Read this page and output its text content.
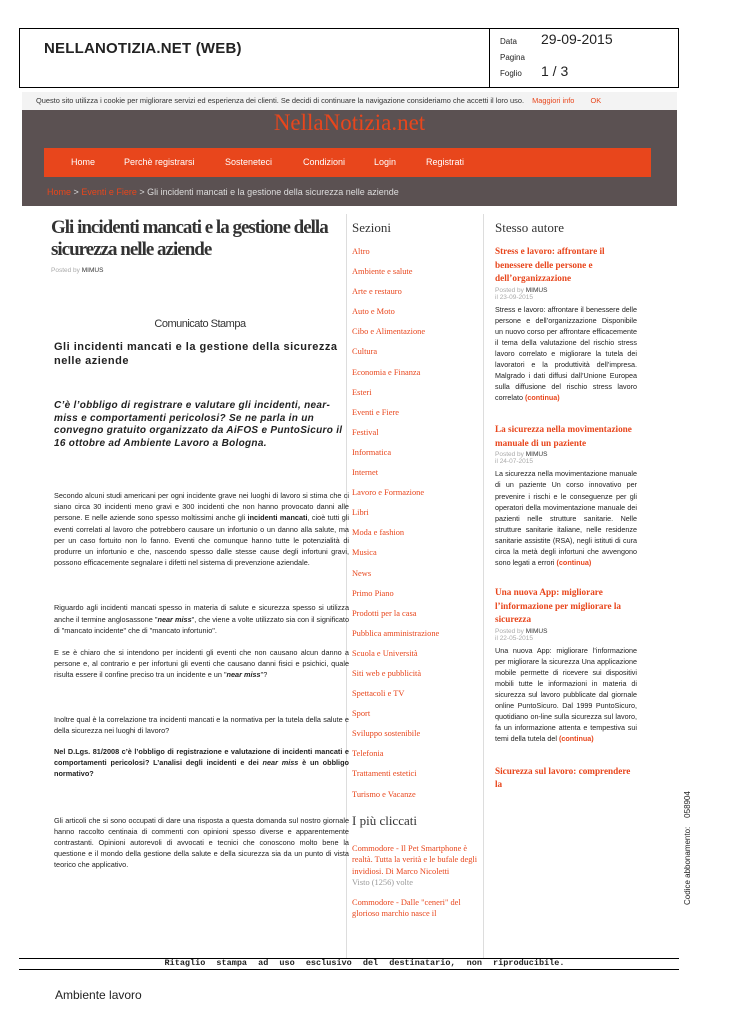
NELLANOTIZIA.NET (WEB)	Data 29-09-2015
Pagina
Foglio 1 / 3
Questo sito utilizza i cookie per migliorare servizi ed esperienza dei clienti. Se decidi di continuare la navigazione consideriamo che accetti il loro uso. Maggiori info OK
NellaNotizia.net
Home	Perchè registrarsi	Sosteneteci	Condizioni	Login	Registrati
Home > Eventi e Fiere > Gli incidenti mancati e la gestione della sicurezza nelle aziende
Gli incidenti mancati e la gestione della sicurezza nelle aziende
Posted by MIMUS
Comunicato Stampa
Gli incidenti mancati e la gestione della sicurezza nelle aziende

C’è l’obbligo di registrare e valutare gli incidenti, near-miss e comportamenti pericolosi? Se ne parla in un convegno gratuito organizzato da AiFOS e PuntoSicuro il 16 ottobre ad Ambiente Lavoro a Bologna.

Secondo alcuni studi americani per ogni incidente grave nei luoghi di lavoro si stima che ci siano circa 30 incidenti meno gravi e 300 incidenti che non hanno provocato danni alle persone. E nelle aziende sono spesso moltissimi anche gli incidenti mancati, cioè tutti gli eventi correlati al lavoro che potrebbero causare un infortunio o un danno alla salute, ma per un caso fortuito non lo fanno. Eventi che comunque hanno tutte le potenzialità di produrre un infortunio e che, nascendo spesso dalle stesse cause degli infortuni gravi, possono efficacemente segnalare i difetti nel sistema di prevenzione aziendale.

Riguardo agli incidenti mancati spesso in materia di salute e sicurezza spesso si utilizza anche il termine anglosassone "near miss", che viene a volte utilizzato sia con il significato di "mancato incidente" che di "mancato infortunio".

E se è chiaro che si intendono per incidenti gli eventi che non causano alcun danno a persone e, al contrario e per infortuni gli eventi che causano danni fisici e psichici, quale risulta essere il confine preciso tra un incidente e un "near miss"?

Inoltre qual è la correlazione tra incidenti mancati e la normativa per la tutela della salute e della sicurezza nei luoghi di lavoro?

Nel D.Lgs. 81/2008 c’è l’obbligo di registrazione e valutazione di incidenti mancati e comportamenti pericolosi? L’analisi degli incidenti e dei near miss è un obbligo normativo?

Gli articoli che si sono occupati di dare una risposta a questa domanda sul nostro giornale hanno raccolto centinaia di commenti con opinioni spesso diverse e apparentemente contrastanti. Opinioni autorevoli di avvocati e tecnici che conoscono molto bene la questione e il mondo della gestione della salute e della sicurezza sia da un punto di vista teorico che applicativo.

Sezioni
Altro
Ambiente e salute
Arte e restauro
Auto e Moto
Cibo e Alimentazione
Cultura
Economia e Finanza
Esteri
Eventi e Fiere
Festival
Informatica
Internet
Lavoro e Formazione
Libri
Moda e fashion
Musica
News
Primo Piano
Prodotti per la casa
Pubblica amministrazione
Scuola e Università
Siti web e pubblicità
Spettacoli e TV
Sport
Sviluppo sostenibile
Telefonia
Trattamenti estetici
Turismo e Vacanze
I più cliccati
Commodore - Il Pet Smartphone è realtà. Tutta la verità e le bufale degli invidiosi. Di Marco Nicoletti
Visto (1256) volte
Commodore - Dalle "ceneri" del glorioso marchio nasce il
Stesso autore
Stress e lavoro: affrontare il benessere delle persone e dell’organizzazione
Posted by MIMUS
il 23-09-2015
Stress e lavoro: affrontare il benessere delle persone e dell’organizzazione Disponibile un nuovo corso per affrontare efficacemente il tema della valutazione del rischio stress lavoro correlato e migliorare la tutela dei lavoratori e la produttività dell’impresa. Malgrado i dati diffusi dall’Unione Europea sulla diffusione del rischio stress lavoro correlato (continua)
La sicurezza nella movimentazione manuale di un paziente
Posted by MIMUS
il 24-07-2015
La sicurezza nella movimentazione manuale di un paziente Un corso innovativo per prevenire i rischi e le conseguenze per gli operatori della movimentazione manuale dei pazienti nelle strutture sanitarie. Nelle strutture sanitarie italiane, nelle residenze sanitarie assistite (RSA), negli istituti di cura circa la metà degli infortuni che avvengono sono legati a errori (continua)
Una nuova App: migliorare l’informazione per migliorare la sicurezza
Posted by MIMUS
il 22-05-2015
Una nuova App: migliorare l’informazione per migliorare la sicurezza Una applicazione mobile permette di ricevere sui dispositivi mobili tutte le informazioni in materia di sicurezza sul lavoro pubblicate dal giornale online PuntoSicuro. Dal 1999 PuntoSicuro, quotidiano on-line sulla sicurezza sul lavoro, fa un informazione attenta e tempestiva sui temi della tutela del (continua)
Sicurezza sul lavoro: comprendere la
Ritaglio stampa ad uso esclusivo del destinatario, non riproducibile.
Ambiente lavoro
Codice abbonamento:    058904
